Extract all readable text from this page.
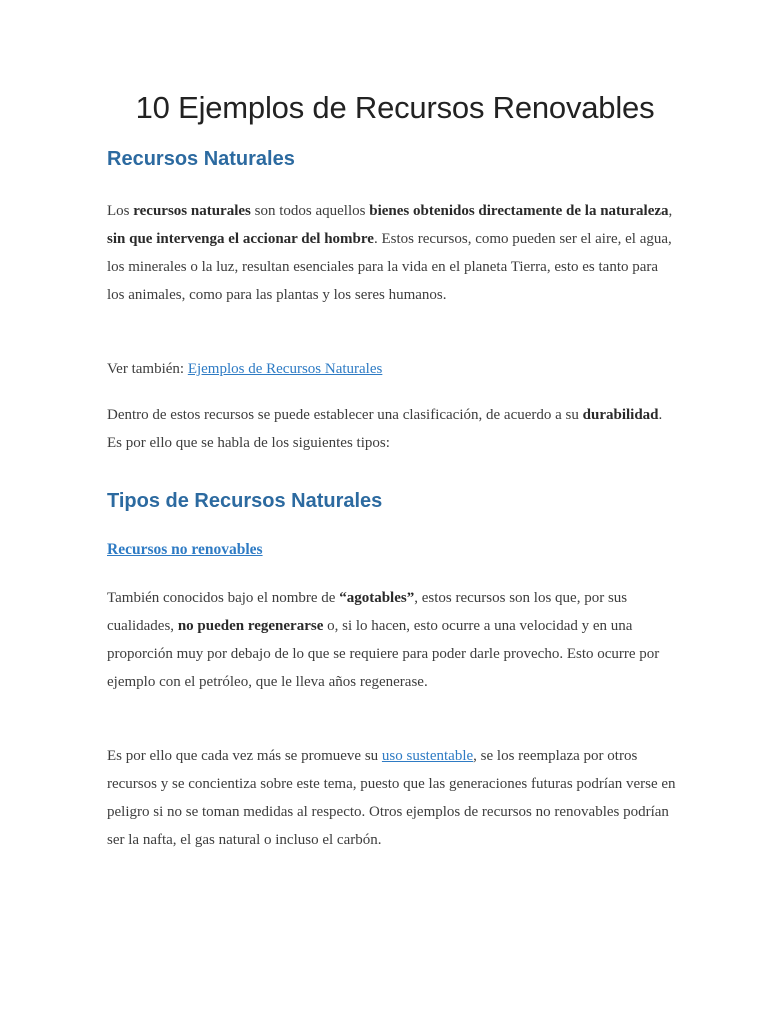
10 Ejemplos de Recursos Renovables
Recursos Naturales

Los recursos naturales son todos aquellos bienes obtenidos directamente de la naturaleza, sin que intervenga el accionar del hombre. Estos recursos, como pueden ser el aire, el agua, los minerales o la luz, resultan esenciales para la vida en el planeta Tierra, esto es tanto para los animales, como para las plantas y los seres humanos.

Ver también: Ejemplos de Recursos Naturales

Dentro de estos recursos se puede establecer una clasificación, de acuerdo a su durabilidad. Es por ello que se habla de los siguientes tipos:

Tipos de Recursos Naturales

Recursos no renovables

También conocidos bajo el nombre de “agotables”, estos recursos son los que, por sus cualidades, no pueden regenerarse o, si lo hacen, esto ocurre a una velocidad y en una proporción muy por debajo de lo que se requiere para poder darle provecho. Esto ocurre por ejemplo con el petróleo, que le lleva años regenerase.

Es por ello que cada vez más se promueve su uso sustentable, se los reemplaza por otros recursos y se concientiza sobre este tema, puesto que las generaciones futuras podrían verse en peligro si no se toman medidas al respecto. Otros ejemplos de recursos no renovables podrían ser la nafta, el gas natural o incluso el carbón.
